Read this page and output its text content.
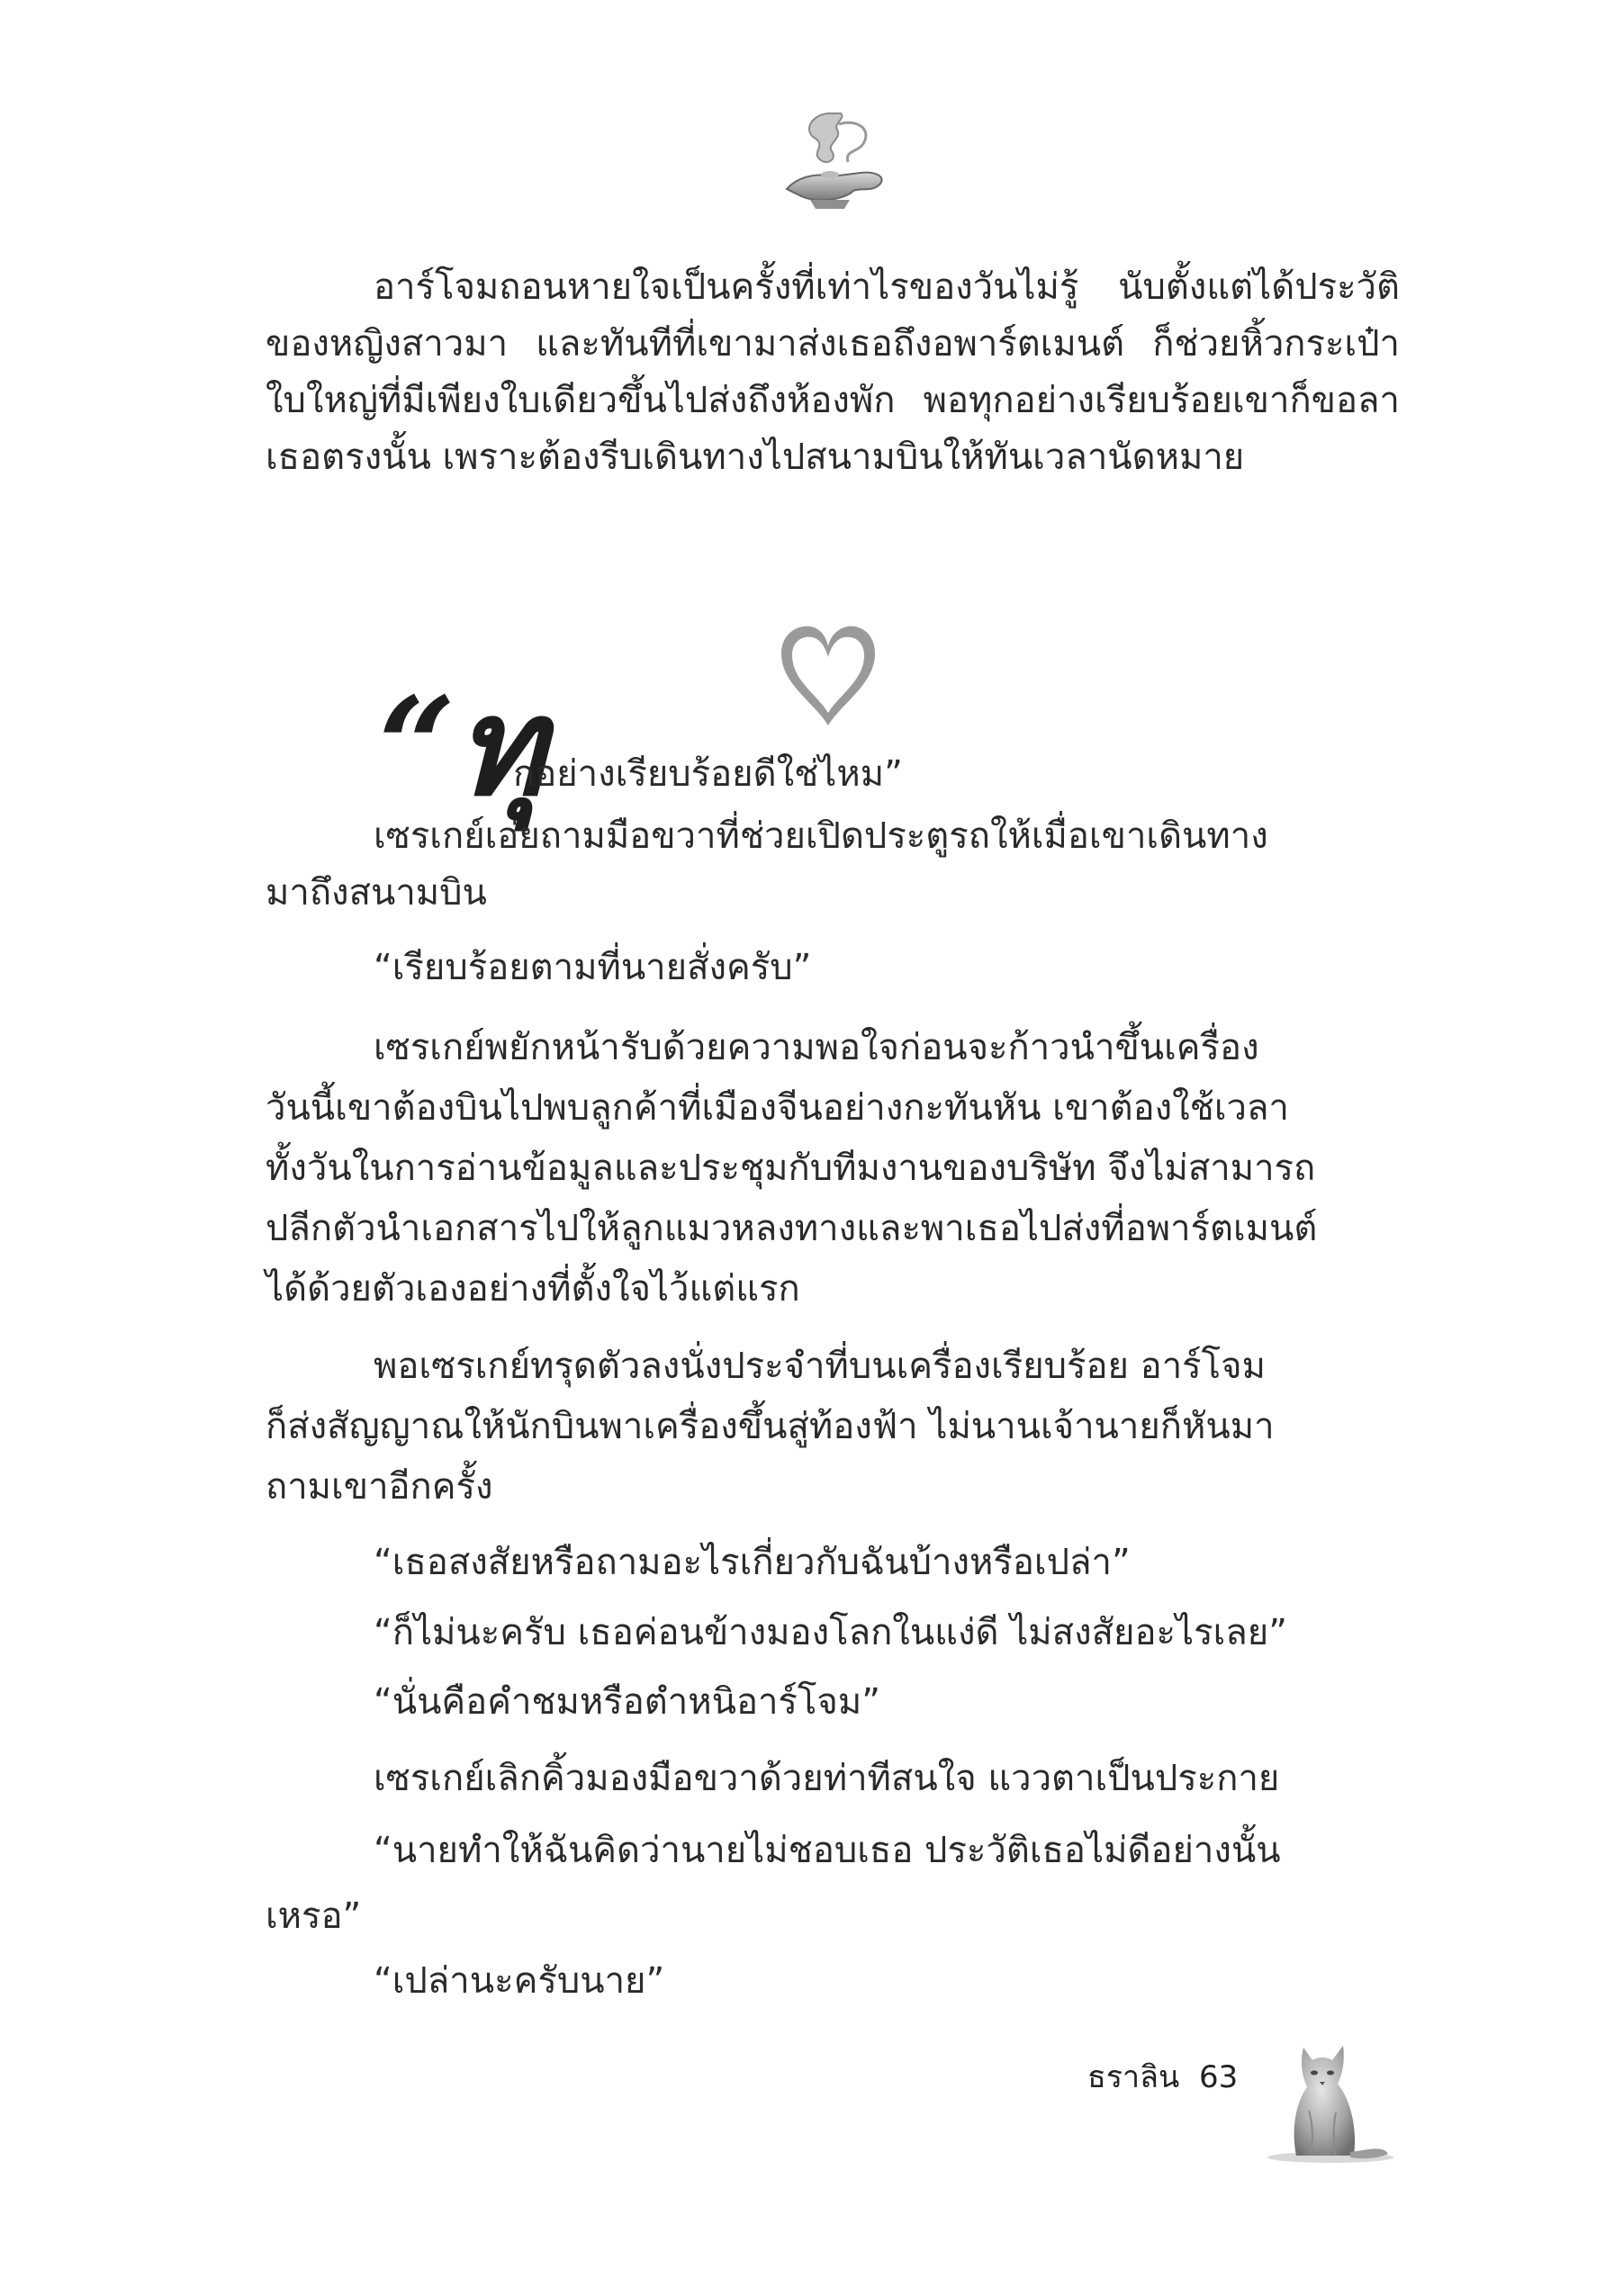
อาร์โจมถอนหายใจเป็นครั้งที่เท่าไรของวันไม่รู้ นับตั้งแต่ได้ประวัติของหญิงสาวมา และทันทีที่เขามาส่งเธอถึงอพาร์ตเมนต์ ก็ช่วยหิ้วกระเป๋าใบใหญ่ที่มีเพียงใบเดียวขึ้นไปส่งถึงห้องพัก พอทุกอย่างเรียบร้อยเขาก็ขอลาเธอตรงนั้น เพราะต้องรีบเดินทางไปสนามบินให้ทันเวลานัดหมาย

“ทุ

กอย่างเรียบร้อยดีใช่ไหม”

เซรเกย์เอ่ยถามมือขวาที่ช่วยเปิดประตูรถให้เมื่อเขาเดินทาง

มาถึงสนามบิน

“เรียบร้อยตามที่นายสั่งครับ”

เซรเกย์พยักหน้ารับด้วยความพอใจก่อนจะก้าวนำขึ้นเครื่อง

วันนี้เขาต้องบินไปพบลูกค้าที่เมืองจีนอย่างกะทันหัน เขาต้องใช้เวลา

ทั้งวันในการอ่านข้อมูลและประชุมกับทีมงานของบริษัท จึงไม่สามารถ

ปลีกตัวนำเอกสารไปให้ลูกแมวหลงทางและพาเธอไปส่งที่อพาร์ตเมนต์

ได้ด้วยตัวเองอย่างที่ตั้งใจไว้แต่แรก

พอเซรเกย์ทรุดตัวลงนั่งประจำที่บนเครื่องเรียบร้อย อาร์โจม

ก็ส่งสัญญาณให้นักบินพาเครื่องขึ้นสู่ท้องฟ้า ไม่นานเจ้านายก็หันมา

ถามเขาอีกครั้ง

“เธอสงสัยหรือถามอะไรเกี่ยวกับฉันบ้างหรือเปล่า”

“ก็ไม่นะครับ เธอค่อนข้างมองโลกในแง่ดี ไม่สงสัยอะไรเลย”

“นั่นคือคำชมหรือตำหนิอาร์โจม”

เซรเกย์เลิกคิ้วมองมือขวาด้วยท่าทีสนใจ แววตาเป็นประกาย

“นายทำให้ฉันคิดว่านายไม่ชอบเธอ ประวัติเธอไม่ดีอย่างนั้น

เหรอ”

“เปล่านะครับนาย”

ธราลิน 63
